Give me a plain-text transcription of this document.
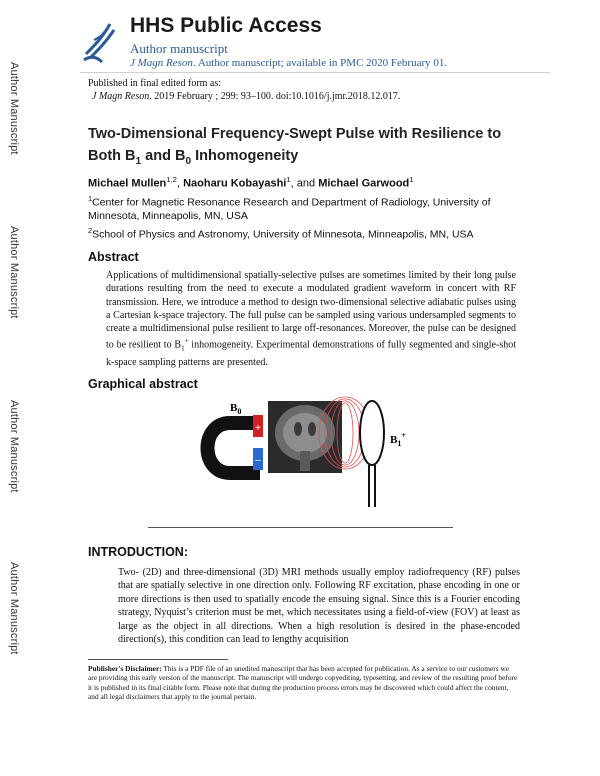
HHS Public Access
Author manuscript
J Magn Reson. Author manuscript; available in PMC 2020 February 01.
Author Manuscript
Author Manuscript
Author Manuscript
Author Manuscript
Published in final edited form as:
J Magn Reson. 2019 February ; 299: 93–100. doi:10.1016/j.jmr.2018.12.017.
Two-Dimensional Frequency-Swept Pulse with Resilience to
Both $B_1$ and $B_0$ Inhomogeneity
Michael Mullen$^{1,2}$, Naoharu Kobayashi$^1$, and Michael Garwood$^1$
$^1$Center for Magnetic Resonance Research and Department of Radiology, University of Minnesota, Minneapolis, MN, USA
$^2$School of Physics and Astronomy, University of Minnesota, Minneapolis, MN, USA
Abstract
Applications of multidimensional spatially-selective pulses are sometimes limited by their long pulse durations resulting from the need to execute a modulated gradient waveform in concert with RF transmission. Here, we introduce a method to design two-dimensional selective adiabatic pulses using a Cartesian k-space trajectory. The full pulse can be sampled using various undersampled segments to create a multidimensional pulse resilient to large off-resonances. Moreover, the pulse can be designed to be resilient to $B_1^+$ inhomogeneity. Experimental demonstrations of fully segmented and single-shot k-space sampling patterns are presented.
Graphical abstract
+
–
$B_0$
$B_1^+$
INTRODUCTION:
Two- (2D) and three-dimensional (3D) MRI methods usually employ radiofrequency (RF) pulses that are spatially selective in one direction only. Following RF excitation, phase encoding in one or more directions is then used to spatially encode the ensuing signal. Since this is a Fourier encoding strategy, Nyquist’s criterion must be met, which necessitates using a field-of-view (FOV) at least as large as the object in all directions. When a high resolution is desired in the phase-encoded direction(s), this condition can lead to lengthy acquisition
Publisher's Disclaimer: This is a PDF file of an unedited manuscript that has been accepted for publication. As a service to our customers we are providing this early version of the manuscript. The manuscript will undergo copyediting, typesetting, and review of the resulting proof before it is published in its final citable form. Please note that during the production process errors may be discovered which could affect the content, and all legal disclaimers that apply to the journal pertain.
